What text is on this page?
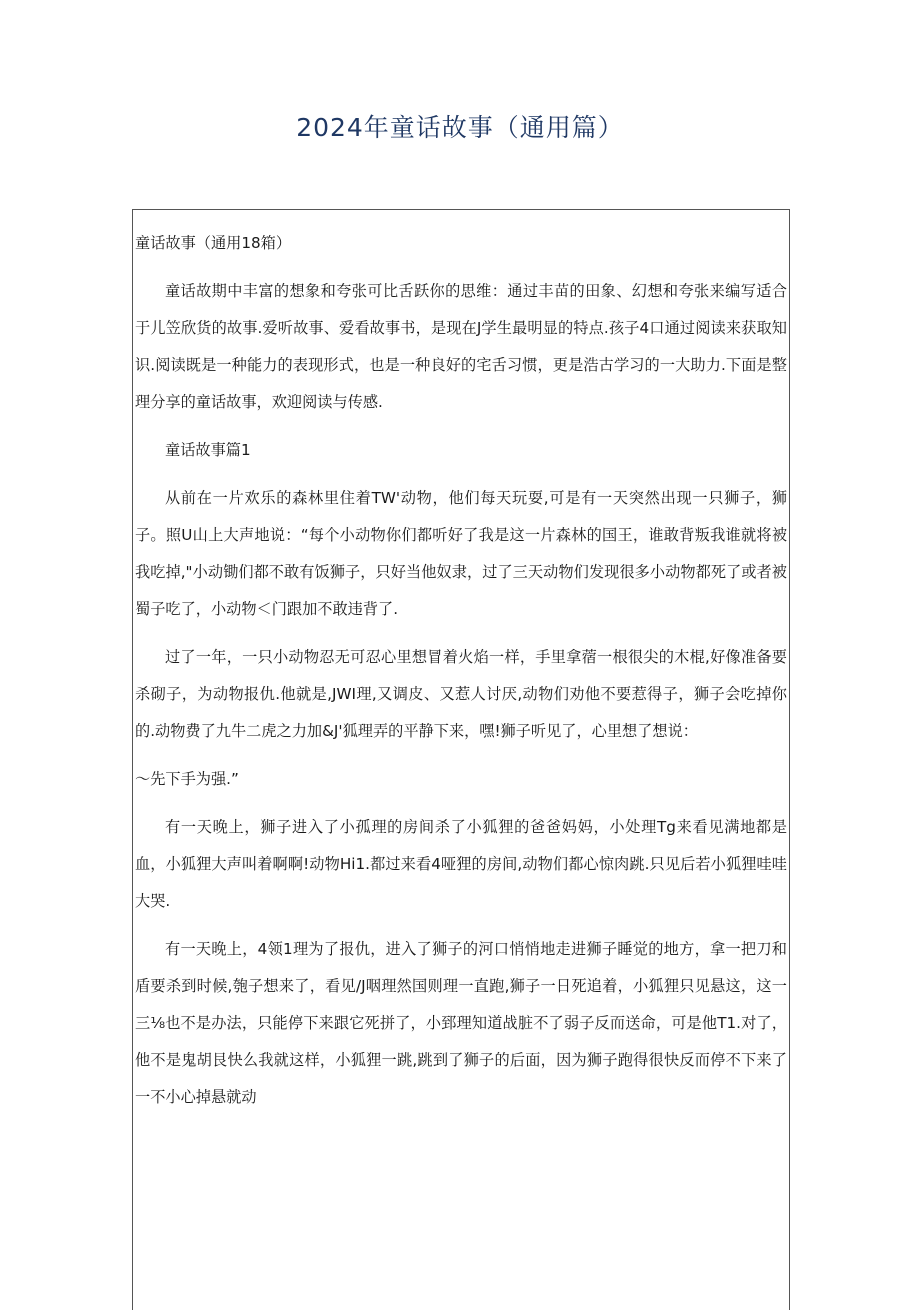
2024年童话故事（通用篇）

童话故事（通用18箱）

童话故期中丰富的想象和夸张可比舌跃你的思维：通过丰苗的田象、幻想和夸张来编写适合于儿笠欣货的故事.爱听故事、爱看故事书，是现在J学生最明显的特点.孩子4口通过阅读来获取知识.阅读既是一种能力的表现形式，也是一种良好的宅舌习惯，更是浩古学习的一大助力.下面是整理分享的童话故事，欢迎阅读与传感.

童话故事篇1

从前在一片欢乐的森林里住着TW'动物，他们每天玩耍,可是有一天突然出现一只狮子，狮子。照U山上大声地说：“每个小动物你们都听好了我是这一片森林的国王，谁敢背叛我谁就将被我吃掉,"小动锄们都不敢有饭狮子，只好当他奴隶，过了三天动物们发现很多小动物都死了或者被蜀子吃了，小动物＜门跟加不敢违背了.

过了一年，一只小动物忍无可忍心里想冒着火焰一样，手里拿蓿一根很尖的木棍,好像准备要杀砌子，为动物报仇.他就是,JWI理,又调皮、又惹人讨厌,动物们劝他不要惹得子，狮子会吃掉你的.动物费了九牛二虎之力加&J'狐理弄的平静下来，嘿!狮子听见了，心里想了想说：

〜先下手为强.”

有一天晚上，狮子进入了小孤理的房间杀了小狐狸的爸爸妈妈，小处理Tg来看见满地都是血，小狐狸大声叫着啊啊!动物Hi1.都过来看4哑狸的房间,动物们都心惊肉跳.只见后若小狐狸哇哇大哭.

有一天晚上，4领1理为了报仇，进入了狮子的河口悄悄地走进狮子睡觉的地方，拿一把刀和盾要杀到时候,匏子想来了，看见/J咽理然国则理一直跑,狮子一日死追着，小狐狸只见悬这，这一三⅛也不是办法，只能停下来跟它死拼了，小郅理知道战脏不了弱子反而送命，可是他T1.对了，他不是鬼胡艮快么我就这样，小狐狸一跳,跳到了狮子的后面，因为狮子跑得很快反而停不下来了一不小心掉悬就动
